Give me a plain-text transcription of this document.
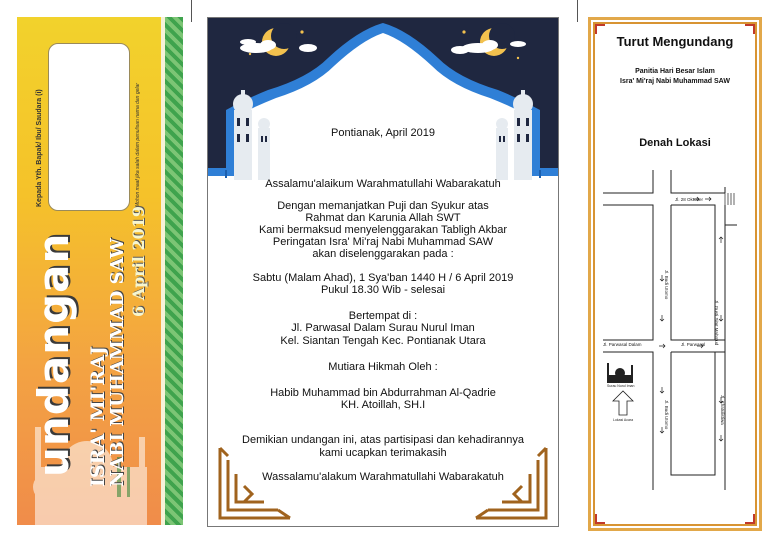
Kepada Yth. Bapak/ Ibu/ Saudara (i)	Mohon maaf jika salah dalam penulisan nama dan gelar
undangan ISRA' MI'RAJ
NABI MUHAMMAD SAW 6 April 2019
Pontianak, April 2019
Assalamu'alaikum Warahmatullahi Wabarakatuh
Dengan memanjatkan Puji dan Syukur atas
Rahmat dan Karunia Allah SWT
Kami bermaksud menyelenggarakan Tabligh Akbar
Peringatan Isra' Mi'raj Nabi Muhammad SAW
akan diselenggarakan pada :
Sabtu (Malam Ahad), 1 Sya'ban 1440 H / 6 April 2019
Pukul 18.30 Wib - selesai
Bertempat di :
Jl. Parwasal Dalam Surau Nurul Iman
Kel. Siantan Tengah Kec. Pontianak Utara
Mutiara Hikmah Oleh :
Habib Muhammad bin Abdurrahman Al-Qadrie
KH. Atoillah, SH.I
Demikian undangan ini, atas partisipasi dan kehadirannya
kami ucapkan terimakasih
Wassalamu'alakum Warahmatullahi Wabarakatuh
Turut Mengundang
Panitia Hari Besar Islam
Isra' Mi'raj Nabi Muhammad SAW
Denah Lokasi
Jl. 28 Oktober
Jl. Gusti Situt Mahmud
Jl. Budi Utomo
Jl. Parwasal Dalam	Jl. Parwasal
Jl. Khatulistiwa
Jl. Budi Utomo
Surau Nurul Iman
Lokasi Acara
